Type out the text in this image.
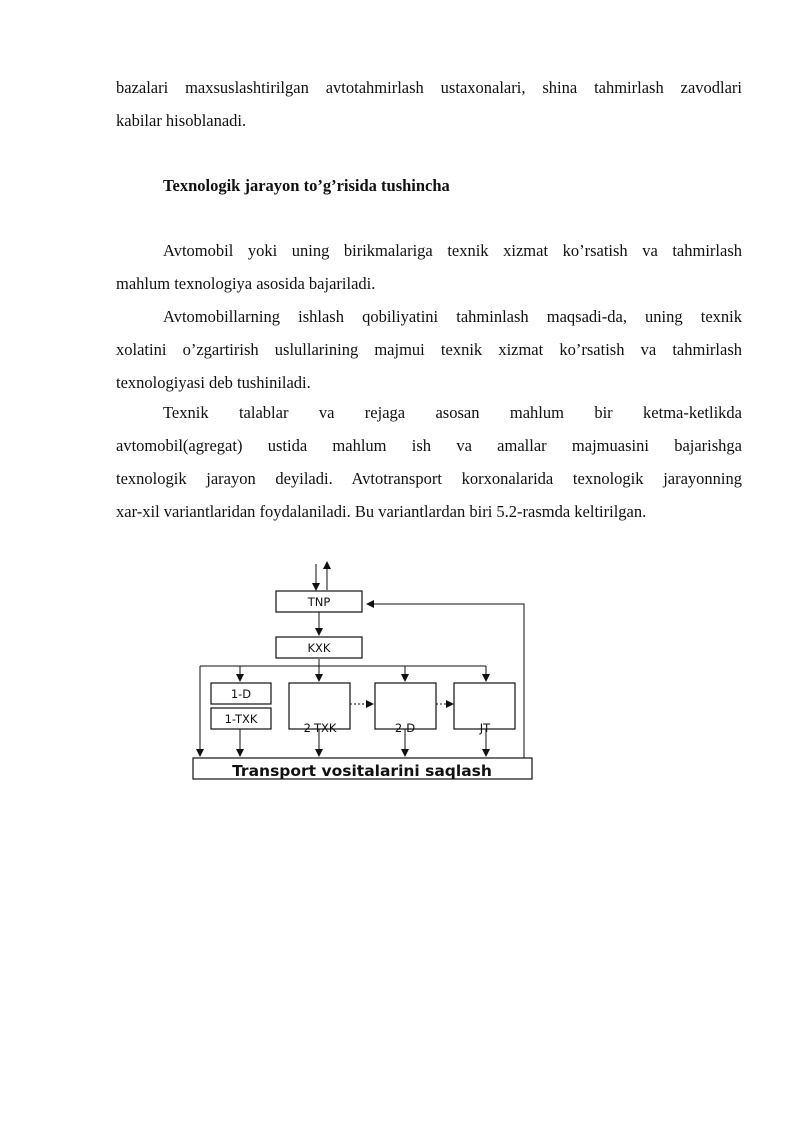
bazalari maxsuslashtirilgan avtotahmirlash ustaxonalari, shina tahmirlash zavodlari
kabilar hisoblanadi.
Texnologik jarayon to’g’risida tushincha
Avtomobil yoki uning birikmalariga texnik xizmat ko’rsatish va tahmirlash
mahlum texnologiya asosida bajariladi.
Avtomobillarning ishlash qobiliyatini tahminlash maqsadi-da, uning texnik
xolatini o’zgartirish uslullarining majmui texnik xizmat ko’rsatish va tahmirlash
texnologiyasi deb tushiniladi.
Texnik talablar va rejaga asosan mahlum bir ketma-ketlikda
avtomobil(agregat) ustida mahlum ish va amallar majmuasini bajarishga
texnologik jarayon deyiladi. Avtotransport korxonalarida texnologik jarayonning
xar-xil variantlaridan foydalaniladi. Bu variantlardan biri 5.2-rasmda keltirilgan.
TNP
KXK
1-D
1-TXK
2-TXK	2-D	JT
Transport vositalarini saqlash
